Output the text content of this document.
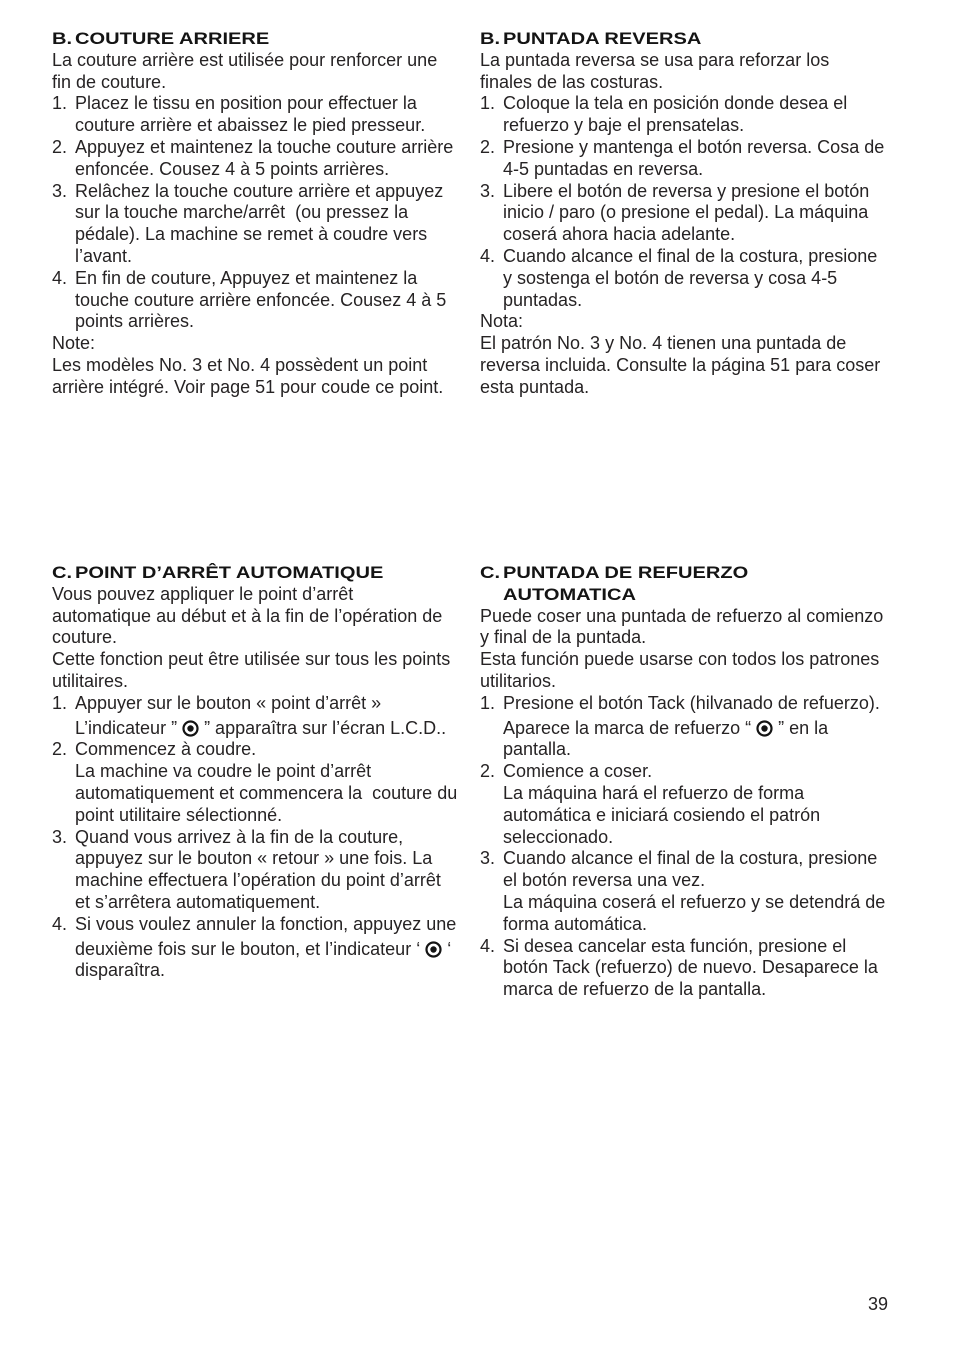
B. COUTURE ARRIERE
La couture arrière est utilisée pour renforcer une
fin de couture.
1. Placez le tissu en position pour effectuer la
couture arrière et abaissez le pied presseur.
2. Appuyez et maintenez la touche couture arrière
enfoncée. Cousez 4 à 5 points arrières.
3. Relâchez la touche couture arrière et appuyez
sur la touche marche/arrêt  (ou pressez la
pédale). La machine se remet à coudre vers
l’avant.
4. En fin de couture, Appuyez et maintenez la
touche couture arrière enfoncée. Cousez 4 à 5
points arrières.
Note:
Les modèles No. 3 et No. 4 possèdent un point
arrière intégré. Voir page 51 pour coude ce point.
C. POINT D’ARRÊT AUTOMATIQUE
Vous pouvez appliquer le point d’arrêt
automatique au début et à la fin de l’opération de
couture.
Cette fonction peut être utilisée sur tous les points
utilitaires.
1. Appuyer sur le bouton « point d’arrêt »
L’indicateur ”
” apparaîtra sur l’écran L.C.D..
2. Commencez à coudre.
La machine va coudre le point d’arrêt
automatiquement et commencera la  couture du
point utilitaire sélectionné.
3. Quand vous arrivez à la fin de la couture,
appuyez sur le bouton « retour » une fois. La
machine effectuera l’opération du point d’arrêt
et s’arrêtera automatiquement.
4. Si vous voulez annuler la fonction, appuyez une
deuxième fois sur le bouton, et l’indicateur ‘
‘
disparaîtra.
B. PUNTADA REVERSA
La puntada reversa se usa para reforzar los
finales de las costuras.
1. Coloque la tela en posición donde desea el
refuerzo y baje el prensatelas.
2. Presione y mantenga el botón reversa. Cosa de
4-5 puntadas en reversa.
3. Libere el botón de reversa y presione el botón
inicio / paro (o presione el pedal). La máquina
coserá ahora hacia adelante.
4. Cuando alcance el final de la costura, presione
y sostenga el botón de reversa y cosa 4-5
puntadas.
Nota:
El patrón No. 3 y No. 4 tienen una puntada de
reversa incluida. Consulte la página 51 para coser
esta puntada.
C. PUNTADA DE REFUERZO
AUTOMATICA
Puede coser una puntada de refuerzo al comienzo
y final de la puntada.
Esta función puede usarse con todos los patrones
utilitarios.
1. Presione el botón Tack (hilvanado de refuerzo).
Aparece la marca de refuerzo “
” en la
pantalla.
2. Comience a coser.
La máquina hará el refuerzo de forma
automática e iniciará cosiendo el patrón
seleccionado.
3. Cuando alcance el final de la costura, presione
el botón reversa una vez.
La máquina coserá el refuerzo y se detendrá de
forma automática.
4. Si desea cancelar esta función, presione el
botón Tack (refuerzo) de nuevo. Desaparece la
marca de refuerzo de la pantalla.
39
